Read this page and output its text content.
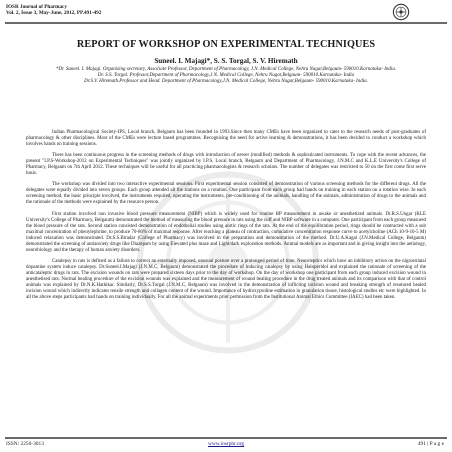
IOSR Journal of Pharmacy
Vol. 2, Issue 3, May-June, 2012, PP.491-492
REPORT OF WORKSHOP ON EXPERIMENTAL TECHNIQUES
Suneel. I. Majagi*, S. S. Torgal, S. V. Hiremath
*Dr. Suneel. I. Majagi. Organizing secretary, Associate Professor, Department of Pharmacology, J.N. Medical College, Nehru Nagar,Belgaum- 590010.Karnataka- India.
Dr. S.S. Torgal. Professor,Department of Pharmacology,J.N. Medical College, Nehru Nagar,Belgaum- 590010.Karnataka- India
Dr.S.V. Hiremath.Professor and Head. Department of Pharmacology,J.N. Medical College, Nehru Nagar,Belgaum- 590010.Karnataka- India.

Indian Pharmacological Society-IPS, Local branch, Belgaum has been founded in 1993.Since then many CMEs have been organized to cater to the research needs of post-graduates of pharmacology & other disciplines. Most of the CMEs were lecture based programmes. Recognising the need for active learning & demonstrations, it has been decided to conduct a workshop which involves hands on training sessions.

There has been continuous progress in the screening methods of drugs with introduction of newer (modified) methods & sophisticated instruments. To cope with the recent advances, the present "I.P.S-Workshop-2012 on Experimental Techniques" was jointly organized by I.P.S, Local branch, Belgaum and Department of Pharmacology, J.N.M.C and K.L.E University's College of Pharmacy, Belgaum on 7th April 2012. These techniques will be useful for all practicing pharmacologists & research scholars. The number of delegates was restricted to 50 on the first come first serve basis.

The workshop was divided into two interactive experimental sessions. First experimental session consisted of demonstration of various screening methods for the different drugs. All the delegates were equally divided into seven groups. Each group attended all the stations on a rotation. One participant from each group had hands on training in each station on a rotation wise. In each screening method, the basic principle involved, the instruments required, operating the instruments, pre-conditioning of the animals, handling of the animals, administration of drugs to the animals and the rationale of the methods were explained by the resource person.

First station involved non invasive blood pressure measurement (NIBP) which is widely used for routine BP measurement in awake or anesthetized animals. Dr.R.S.Ungar (KLE University's College of Pharmacy, Belgaum) demonstrated the method of measuring the blood pressure in rats using the cuff and NIBP software in a computer. One participant from each group measured the blood pressure of the rats. Second station consisted demonstration of endothelial studies using aortic rings of the rats. At the end of the equilibration period, rings should be contracted with a sub maximal concentration of phenylephrine, to produce 70-80% of maximal response. After reaching a plateau of contraction, cumulative concentration response curve to acetylcholine (ACh 10-9-10-5 M) induced relaxation was demonstrated. Dr.S.S.Biradar (College of Pharmacy) was involved in the preparation and demonstration of the method. Dr.U.A.Kagal (J.N.Medical College, Belgaum) demonstrated the screening of antianxiety drugs like Diazepam by using Elevated plus maze and Light/dark exploration methods. Animal models are as important and in giving insight into the aetiology, neurobiology and the therapy of human anxiety disorders.

Catalepsy in rats is defined as a failure to correct an externally imposed, unusual posture over a prolonged period of time. Neuroleptics which have an inhibitory action on the nigrostriatal dopamine system induce catalepsy. Dr.Suneel.I.Majagi (J.N.M.C, Belgaum) demonstrated the procedure of inducing catalepsy by using Haloperidol and explained the rationale of screening of the anticataleptic drugs in rats. The excision wounds on rats were prepared sixteen days prior to the day of workshop. On the day of workshop one participant from each group induced excision wound in anesthetised rats. Normal healing procedure of the excision wounds was explained and the measurement of wound healing procedure in the drug treated animals and its comparison with that of control animals was explained by Dr.N.K.Hathikar. Similarly, Dr.S.S.Torgal (J.N.M.C, Belgaum) was involved in the demonstration of inflicting incision wound and breaking strength of resutured healed incision wound which indirectly indicates tensile strength and collagen content of the wound. Importance of hydroxyproline estimation in granulation tissue, histological studies etc were highlighted. In all the above steps participants had hands on training individually. For all the animal experiments prior permission from the Institutional Animal Ethics Committee (IAEC) had been taken.

ISSN: 2250-3013	www.iosrphr.org	491 | P a g e
